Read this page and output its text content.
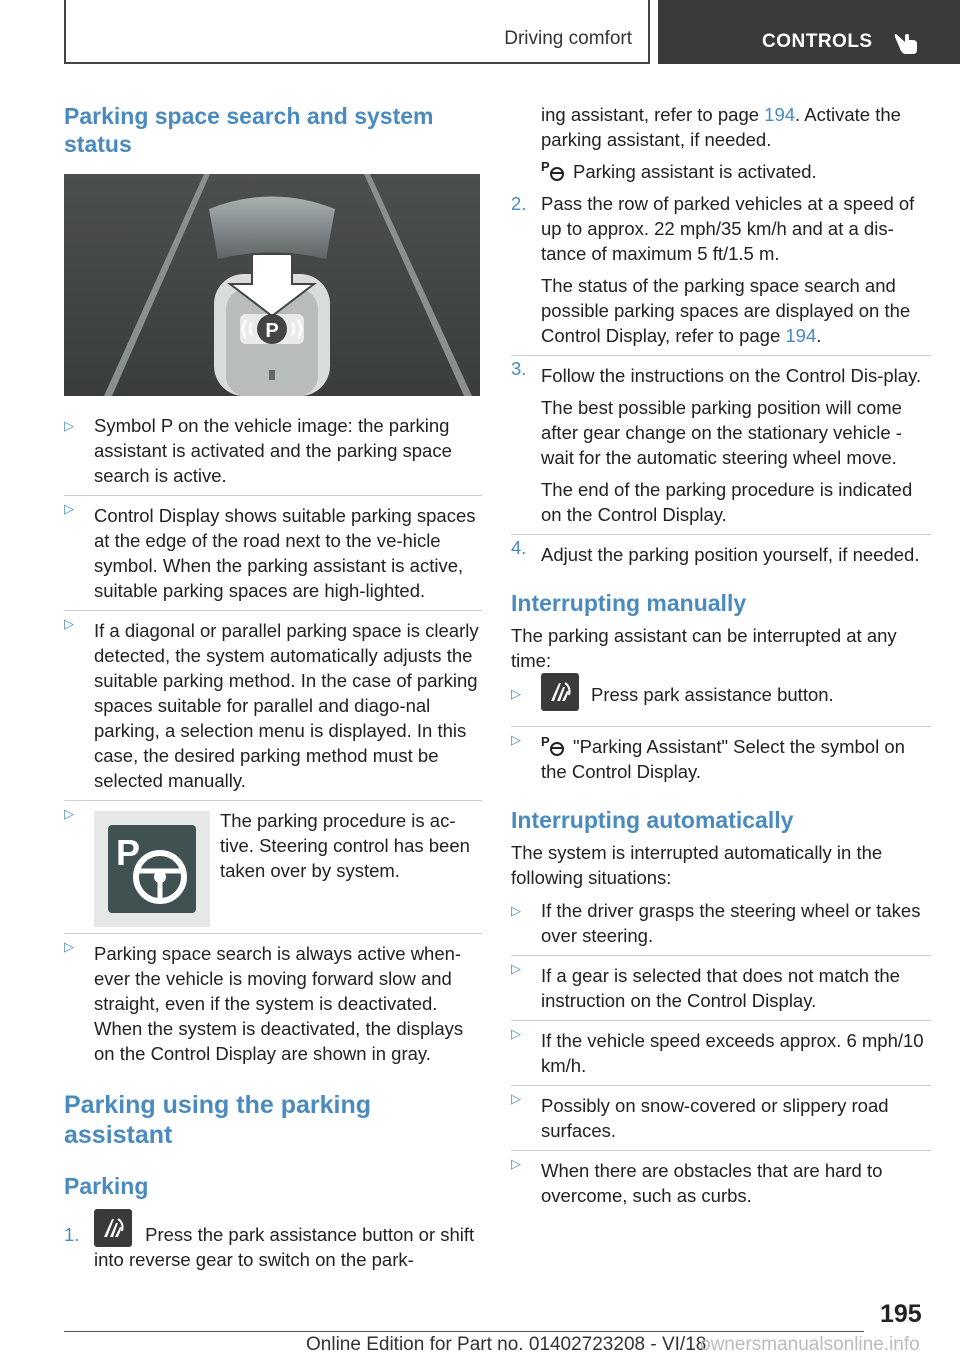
Driving comfort	CONTROLS
Parking space search and system status
P
▷ Symbol P on the vehicle image: the parking assistant is activated and the parking space search is active.
▷ Control Display shows suitable parking spaces at the edge of the road next to the ve‐hicle symbol. When the parking assistant is active, suitable parking spaces are high‐lighted.
▷ If a diagonal or parallel parking space is clearly detected, the system automatically adjusts the suitable parking method. In the case of parking spaces suitable for parallel and diago‐nal parking, a selection menu is displayed. In this case, the desired parking method must be selected manually.
▷
P
The parking procedure is ac‐tive. Steering control has been taken over by system.
▷ Parking space search is always active when‐ever the vehicle is moving forward slow and straight, even if the system is deactivated. When the system is deactivated, the displays on the Control Display are shown in gray.
Parking using the parking assistant
Parking
1.	Press the park assistance button or shift into reverse gear to switch on the park-
ing assistant, refer to page 194. Activate the parking assistant, if needed.
P Parking assistant is activated.
2. Pass the row of parked vehicles at a speed of up to approx. 22 mph/35 km/h and at a dis‐tance of maximum 5 ft/1.5 m.
The status of the parking space search and possible parking spaces are displayed on the Control Display, refer to page 194.
3. Follow the instructions on the Control Dis‐play.
The best possible parking position will come after gear change on the stationary vehicle - wait for the automatic steering wheel move.
The end of the parking procedure is indicated on the Control Display.
4. Adjust the parking position yourself, if needed.
Interrupting manually
The parking assistant can be interrupted at any time:
▷	Press park assistance button.
▷ P "Parking Assistant" Select the symbol on the Control Display.
Interrupting automatically
The system is interrupted automatically in the following situations:
▷ If the driver grasps the steering wheel or takes over steering.
▷ If a gear is selected that does not match the instruction on the Control Display.
▷ If the vehicle speed exceeds approx. 6 mph/10 km/h.
▷ Possibly on snow-covered or slippery road surfaces.
▷ When there are obstacles that are hard to overcome, such as curbs.
195
Online Edition for Part no. 01402723208 - VI/18
ownersmanualsonline.info
